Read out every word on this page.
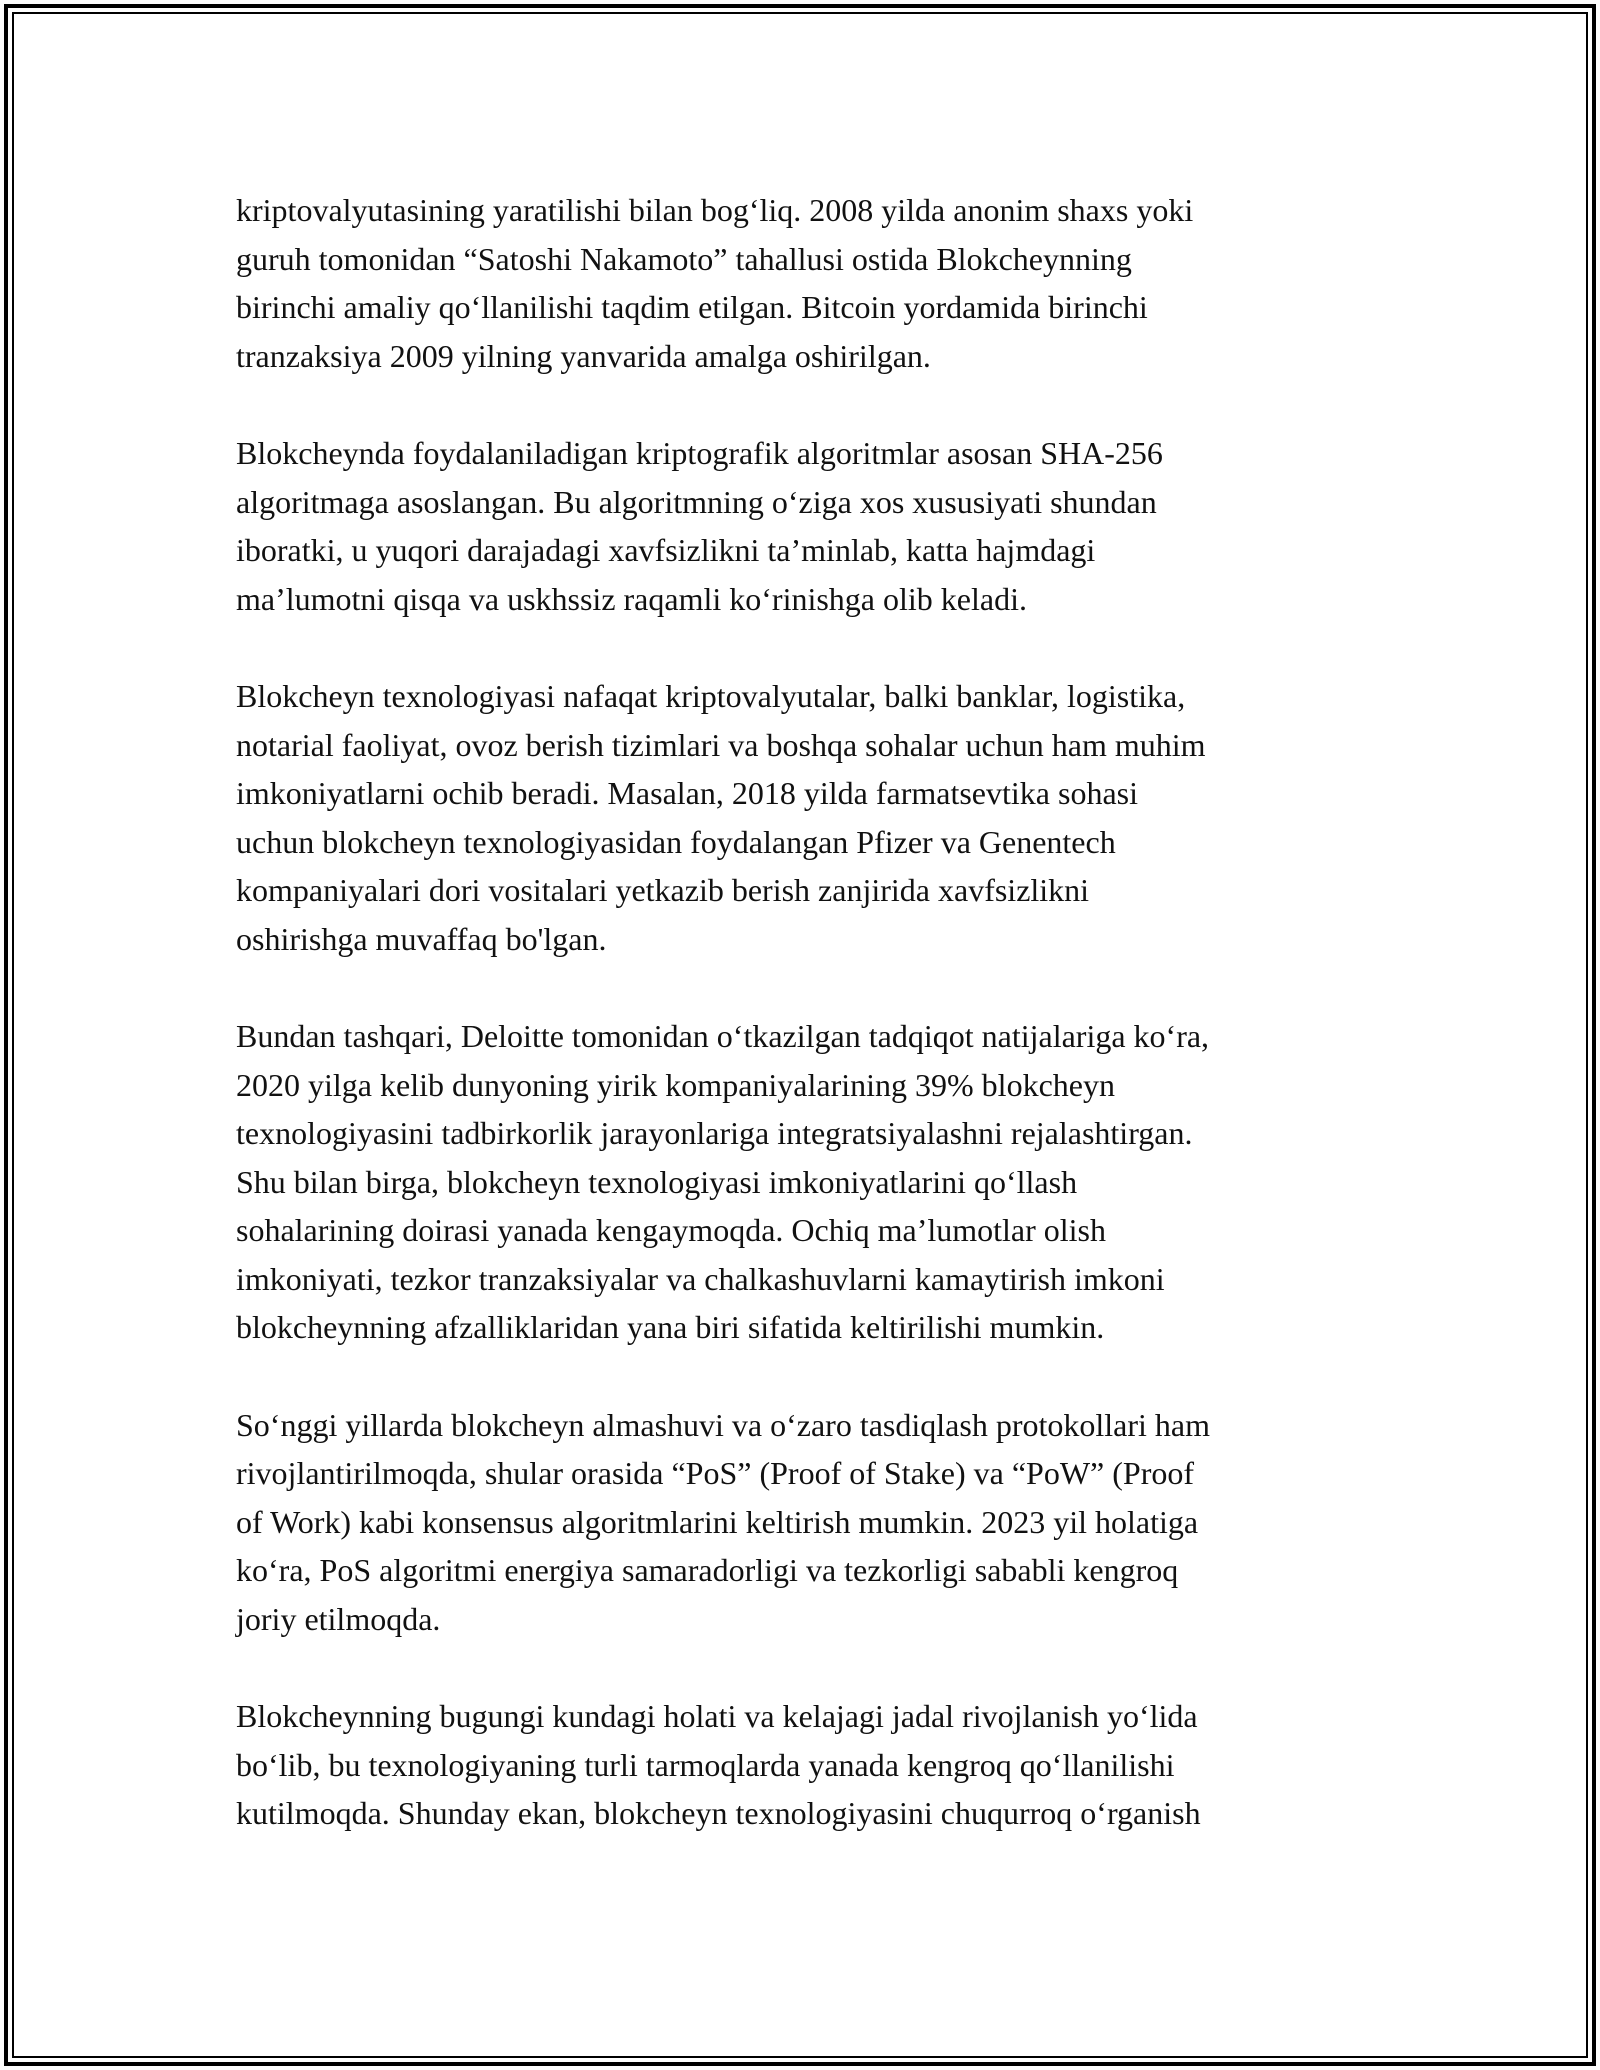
kriptovalyutasining yaratilishi bilan bog‘liq. 2008 yilda anonim shaxs yoki
guruh tomonidan “Satoshi Nakamoto” tahallusi ostida Blokcheynning
birinchi amaliy qo‘llanilishi taqdim etilgan. Bitcoin yordamida birinchi
tranzaksiya 2009 yilning yanvarida amalga oshirilgan.

Blokcheynda foydalaniladigan kriptografik algoritmlar asosan SHA-256
algoritmaga asoslangan. Bu algoritmning o‘ziga xos xususiyati shundan
iboratki, u yuqori darajadagi xavfsizlikni ta’minlab, katta hajmdagi
ma’lumotni qisqa va uskhssiz raqamli ko‘rinishga olib keladi.

Blokcheyn texnologiyasi nafaqat kriptovalyutalar, balki banklar, logistika,
notarial faoliyat, ovoz berish tizimlari va boshqa sohalar uchun ham muhim
imkoniyatlarni ochib beradi. Masalan, 2018 yilda farmatsevtika sohasi
uchun blokcheyn texnologiyasidan foydalangan Pfizer va Genentech
kompaniyalari dori vositalari yetkazib berish zanjirida xavfsizlikni
oshirishga muvaffaq bo'lgan.

Bundan tashqari, Deloitte tomonidan o‘tkazilgan tadqiqot natijalariga ko‘ra,
2020 yilga kelib dunyoning yirik kompaniyalarining 39% blokcheyn
texnologiyasini tadbirkorlik jarayonlariga integratsiyalashni rejalashtirgan.
Shu bilan birga, blokcheyn texnologiyasi imkoniyatlarini qo‘llash
sohalarining doirasi yanada kengaymoqda. Ochiq ma’lumotlar olish
imkoniyati, tezkor tranzaksiyalar va chalkashuvlarni kamaytirish imkoni
blokcheynning afzalliklaridan yana biri sifatida keltirilishi mumkin.

So‘nggi yillarda blokcheyn almashuvi va o‘zaro tasdiqlash protokollari ham
rivojlantirilmoqda, shular orasida “PoS” (Proof of Stake) va “PoW” (Proof
of Work) kabi konsensus algoritmlarini keltirish mumkin. 2023 yil holatiga
ko‘ra, PoS algoritmi energiya samaradorligi va tezkorligi sababli kengroq
joriy etilmoqda.

Blokcheynning bugungi kundagi holati va kelajagi jadal rivojlanish yo‘lida
bo‘lib, bu texnologiyaning turli tarmoqlarda yanada kengroq qo‘llanilishi
kutilmoqda. Shunday ekan, blokcheyn texnologiyasini chuqurroq o‘rganish
